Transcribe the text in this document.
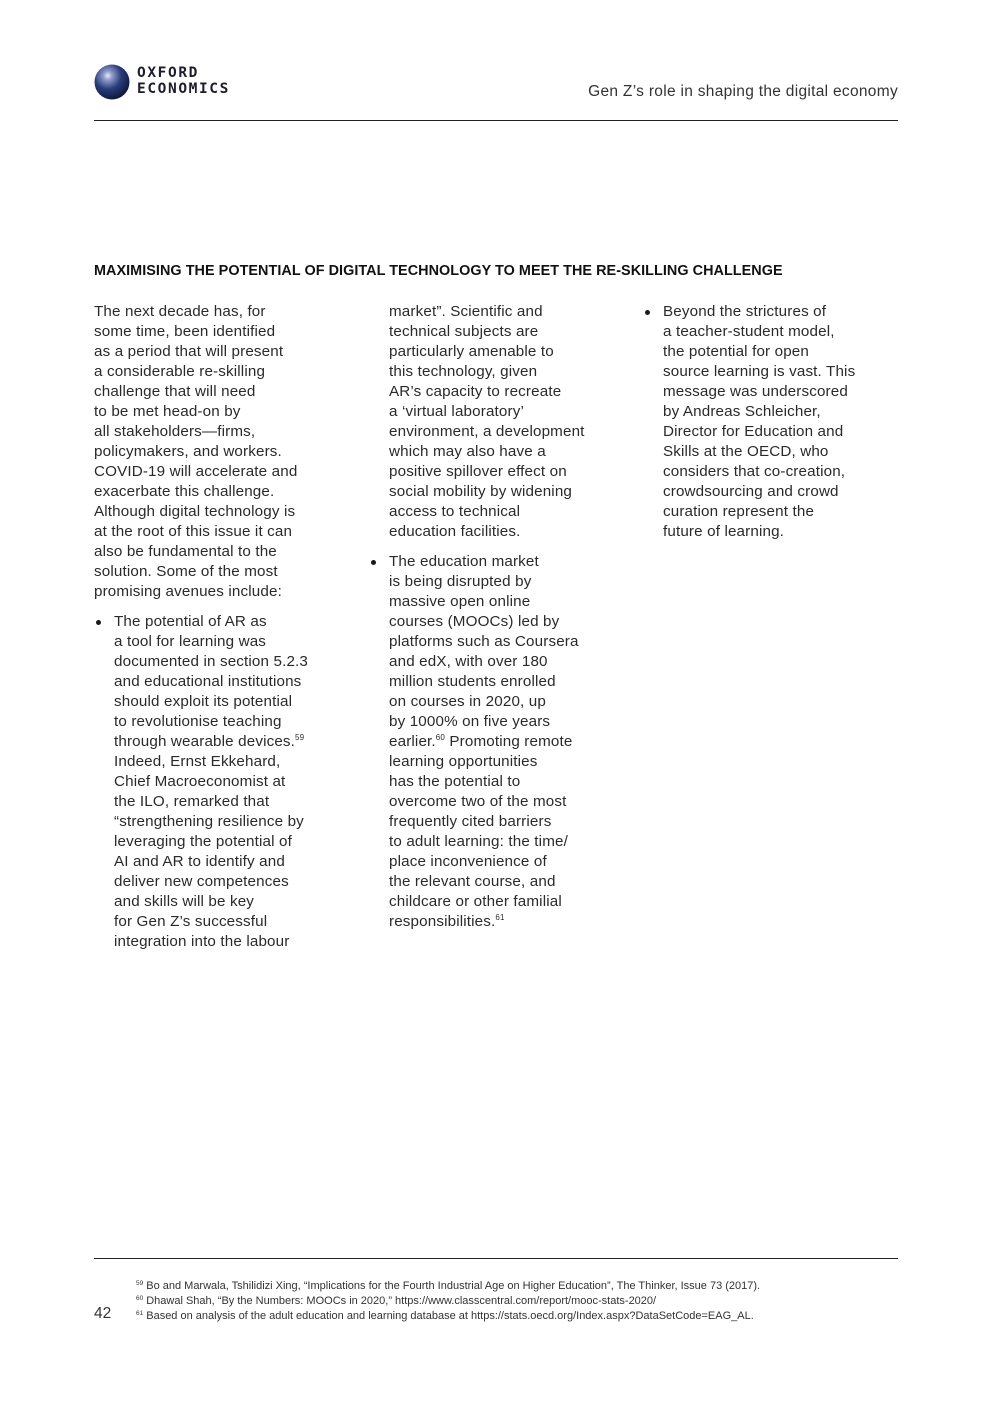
OXFORD
ECONOMICS	Gen Z’s role in shaping the digital economy
MAXIMISING THE POTENTIAL OF DIGITAL TECHNOLOGY TO MEET THE RE-SKILLING CHALLENGE

The next decade has, for
some time, been identified
as a period that will present
a considerable re-skilling
challenge that will need
to be met head-on by
all stakeholders—firms,
policymakers, and workers.
COVID-19 will accelerate and
exacerbate this challenge.
Although digital technology is
at the root of this issue it can
also be fundamental to the
solution. Some of the most
promising avenues include:

The potential of AR as
a tool for learning was
documented in section 5.2.3
and educational institutions
should exploit its potential
to revolutionise teaching
through wearable devices.$^{59}$
Indeed, Ernst Ekkehard,
Chief Macroeconomist at
the ILO, remarked that
“strengthening resilience by
leveraging the potential of
AI and AR to identify and
deliver new competences
and skills will be key
for Gen Z’s successful
integration into the labour
market”. Scientific and
technical subjects are
particularly amenable to
this technology, given
AR’s capacity to recreate
a ‘virtual laboratory’
environment, a development
which may also have a
positive spillover effect on
social mobility by widening
access to technical
education facilities.
The education market
is being disrupted by
massive open online
courses (MOOCs) led by
platforms such as Coursera
and edX, with over 180
million students enrolled
on courses in 2020, up
by 1000% on five years
earlier.$^{60}$ Promoting remote
learning opportunities
has the potential to
overcome two of the most
frequently cited barriers
to adult learning: the time/
place inconvenience of
the relevant course, and
childcare or other familial
responsibilities.$^{61}$
Beyond the strictures of
a teacher-student model,
the potential for open
source learning is vast. This
message was underscored
by Andreas Schleicher,
Director for Education and
Skills at the OECD, who
considers that co-creation,
crowdsourcing and crowd
curation represent the
future of learning.
$^{59}$ Bo and Marwala, Tshilidizi Xing, “Implications for the Fourth Industrial Age on Higher Education”, The Thinker, Issue 73 (2017).
$^{60}$ Dhawal Shah, “By the Numbers: MOOCs in 2020,” https://www.classcentral.com/report/mooc-stats-2020/
$^{61}$ Based on analysis of the adult education and learning database at https://stats.oecd.org/Index.aspx?DataSetCode=EAG_AL.
42
